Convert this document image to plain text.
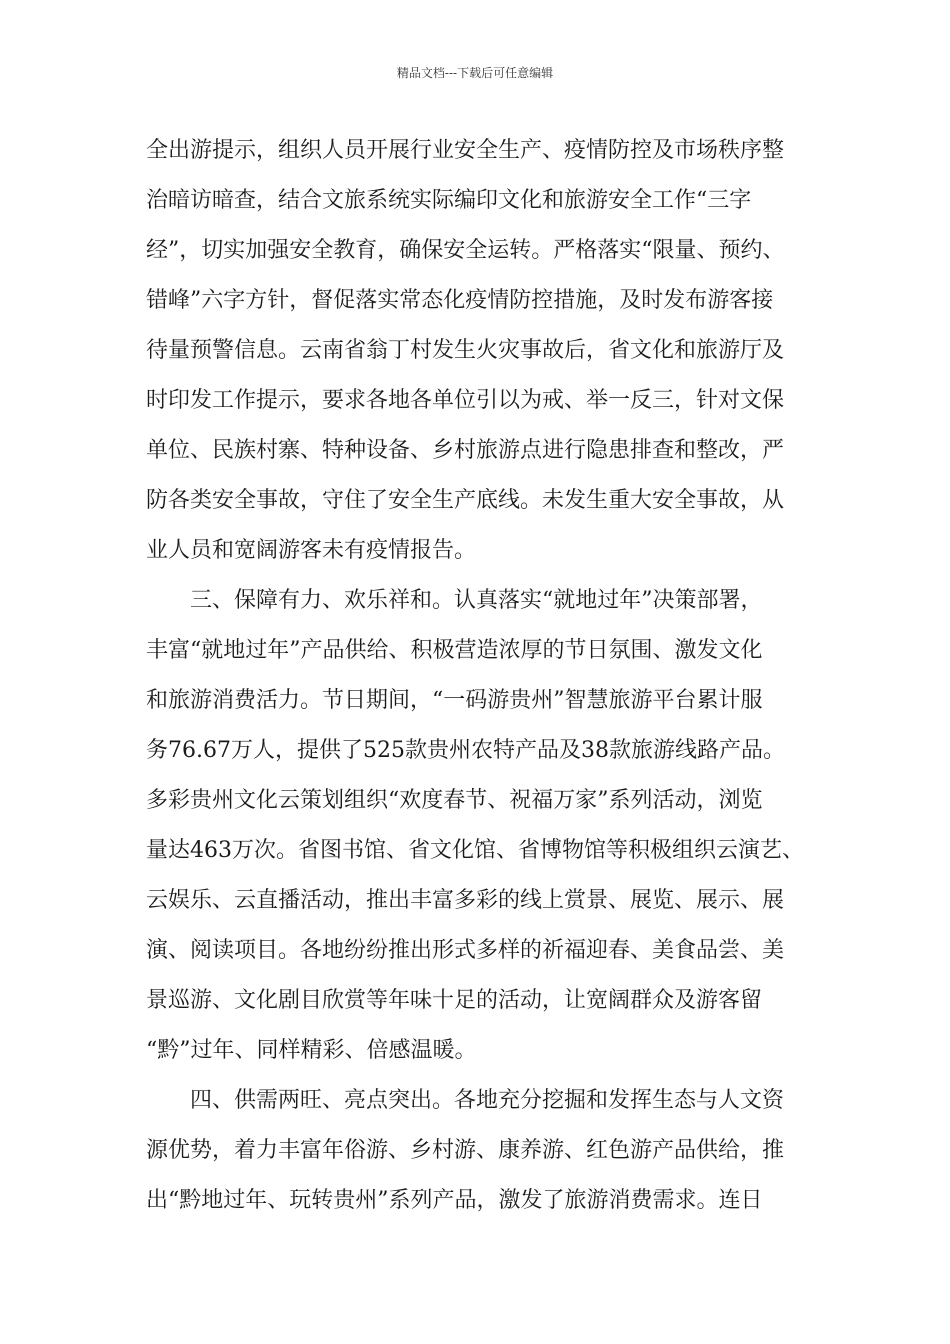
精品文档---下载后可任意编辑
全出游提示，组织人员开展行业安全生产、疫情防控及市场秩序整
治暗访暗查，结合文旅系统实际编印文化和旅游安全工作“三字
经”，切实加强安全教育，确保安全运转。严格落实“限量、预约、
错峰”六字方针，督促落实常态化疫情防控措施，及时发布游客接
待量预警信息。云南省翁丁村发生火灾事故后，省文化和旅游厅及
时印发工作提示，要求各地各单位引以为戒、举一反三，针对文保
单位、民族村寨、特种设备、乡村旅游点进行隐患排查和整改，严
防各类安全事故，守住了安全生产底线。未发生重大安全事故，从
业人员和宽阔游客未有疫情报告。
三、保障有力、欢乐祥和。认真落实“就地过年”决策部署，
丰富“就地过年”产品供给、积极营造浓厚的节日氛围、激发文化
和旅游消费活力。节日期间，“一码游贵州”智慧旅游平台累计服
务76.67万人，提供了525款贵州农特产品及38款旅游线路产品。
多彩贵州文化云策划组织“欢度春节、祝福万家”系列活动，浏览
量达463万次。省图书馆、省文化馆、省博物馆等积极组织云演艺、
云娱乐、云直播活动，推出丰富多彩的线上赏景、展览、展示、展
演、阅读项目。各地纷纷推出形式多样的祈福迎春、美食品尝、美
景巡游、文化剧目欣赏等年味十足的活动，让宽阔群众及游客留
“黔”过年、同样精彩、倍感温暖。
四、供需两旺、亮点突出。各地充分挖掘和发挥生态与人文资
源优势，着力丰富年俗游、乡村游、康养游、红色游产品供给，推
出“黔地过年、玩转贵州”系列产品，激发了旅游消费需求。连日
